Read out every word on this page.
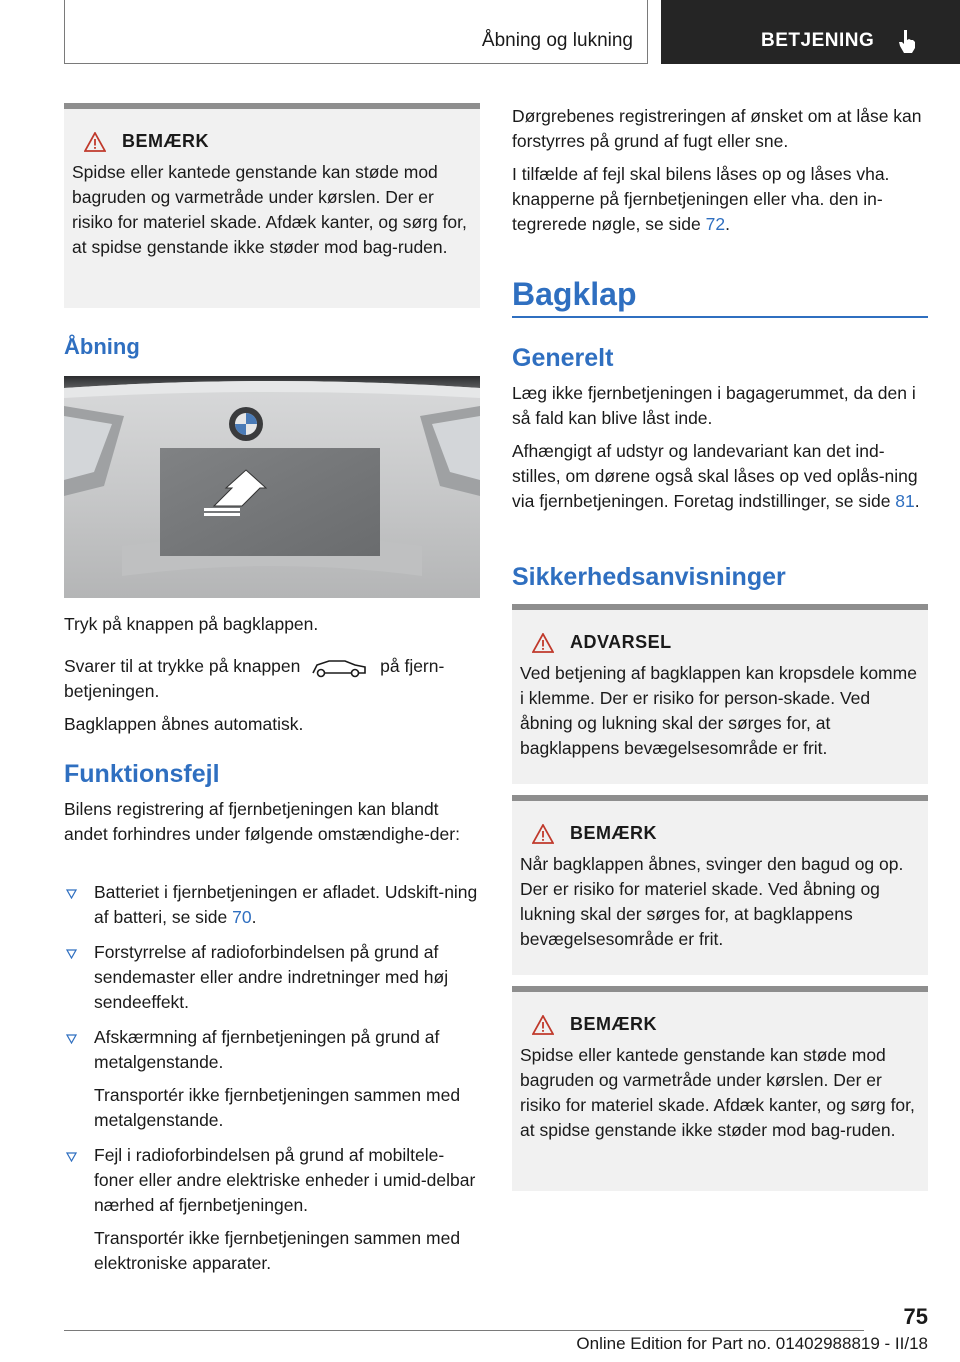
Åbning og lukning	BETJENING
BEMÆRK

Spidse eller kantede genstande kan støde mod bagruden og varmetråde under kørslen. Der er risiko for materiel skade. Afdæk kanter, og sørg for, at spidse genstande ikke støder mod bag-ruden.

Åbning

Tryk på knappen på bagklappen.

Svarer til at trykke på knappen	på fjern-betjeningen.

Bagklappen åbnes automatisk.

Funktionsfejl

Bilens registrering af fjernbetjeningen kan blandt andet forhindres under følgende omstændighe-der:

Batteriet i fjernbetjeningen er afladet. Udskift-ning af batteri, se side 70.
Forstyrrelse af radioforbindelsen på grund af sendemaster eller andre indretninger med høj sendeeffekt.
Afskærmning af fjernbetjeningen på grund af metalgenstande.

Transportér ikke fjernbetjeningen sammen med metalgenstande.

Fejl i radioforbindelsen på grund af mobiltele-foner eller andre elektriske enheder i umid-delbar nærhed af fjernbetjeningen.

Transportér ikke fjernbetjeningen sammen med elektroniske apparater.

Dørgrebenes registreringen af ønsket om at låse kan forstyrres på grund af fugt eller sne.

I tilfælde af fejl skal bilens låses op og låses vha. knapperne på fjernbetjeningen eller vha. den in-tegrerede nøgle, se side 72.

Bagklap
Generelt

Læg ikke fjernbetjeningen i bagagerummet, da den i så fald kan blive låst inde.

Afhængigt af udstyr og landevariant kan det ind-stilles, om dørene også skal låses op ved oplås-ning via fjernbetjeningen. Foretag indstillinger, se side 81.

Sikkerhedsanvisninger
ADVARSEL

Ved betjening af bagklappen kan kropsdele komme i klemme. Der er risiko for person-skade. Ved åbning og lukning skal der sørges for, at bagklappens bevægelsesområde er frit.

BEMÆRK

Når bagklappen åbnes, svinger den bagud og op. Der er risiko for materiel skade. Ved åbning og lukning skal der sørges for, at bagklappens bevægelsesområde er frit.

BEMÆRK

Spidse eller kantede genstande kan støde mod bagruden og varmetråde under kørslen. Der er risiko for materiel skade. Afdæk kanter, og sørg for, at spidse genstande ikke støder mod bag-ruden.

75
Online Edition for Part no. 01402988819 - II/18
